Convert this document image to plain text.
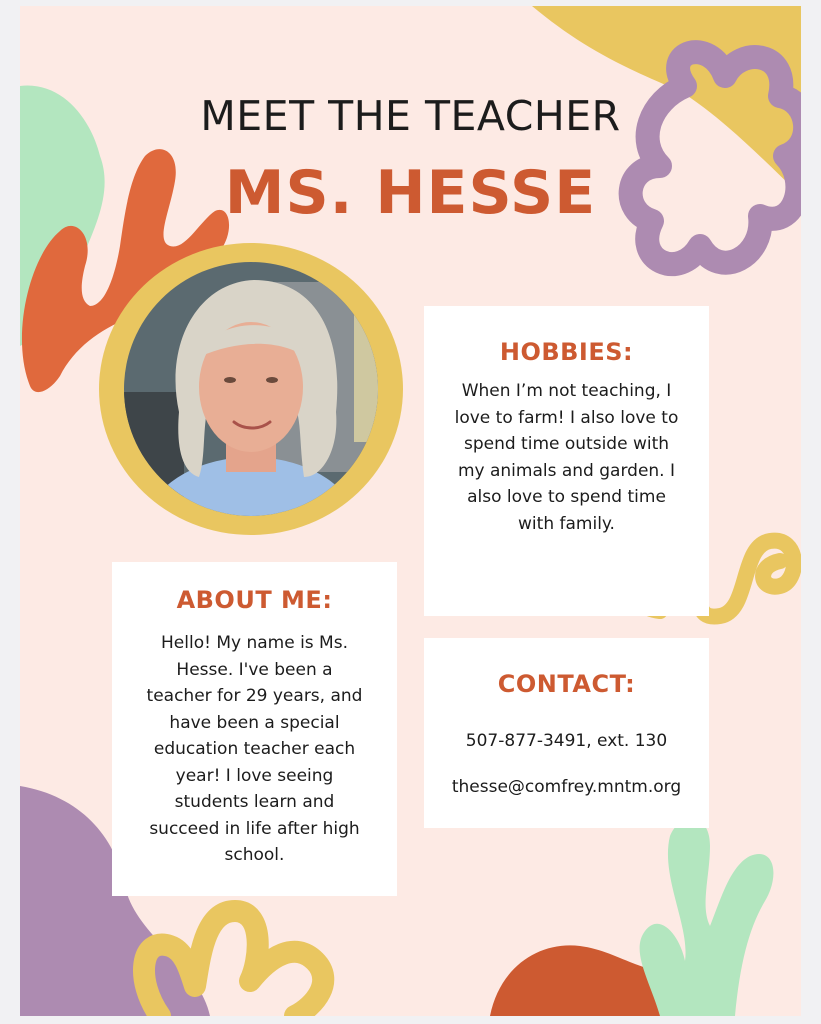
MEET THE TEACHER
MS. HESSE
HOBBIES:

When I’m not teaching, I love to farm! I also love to spend time outside with my animals and garden. I also love to spend time with family.

ABOUT ME:

Hello! My name is Ms. Hesse. I've been a teacher for 29 years, and have been a special education teacher each year! I love seeing students learn and succeed in life after high school.

CONTACT:
507-877-3491, ext. 130
thesse@comfrey.mntm.org
